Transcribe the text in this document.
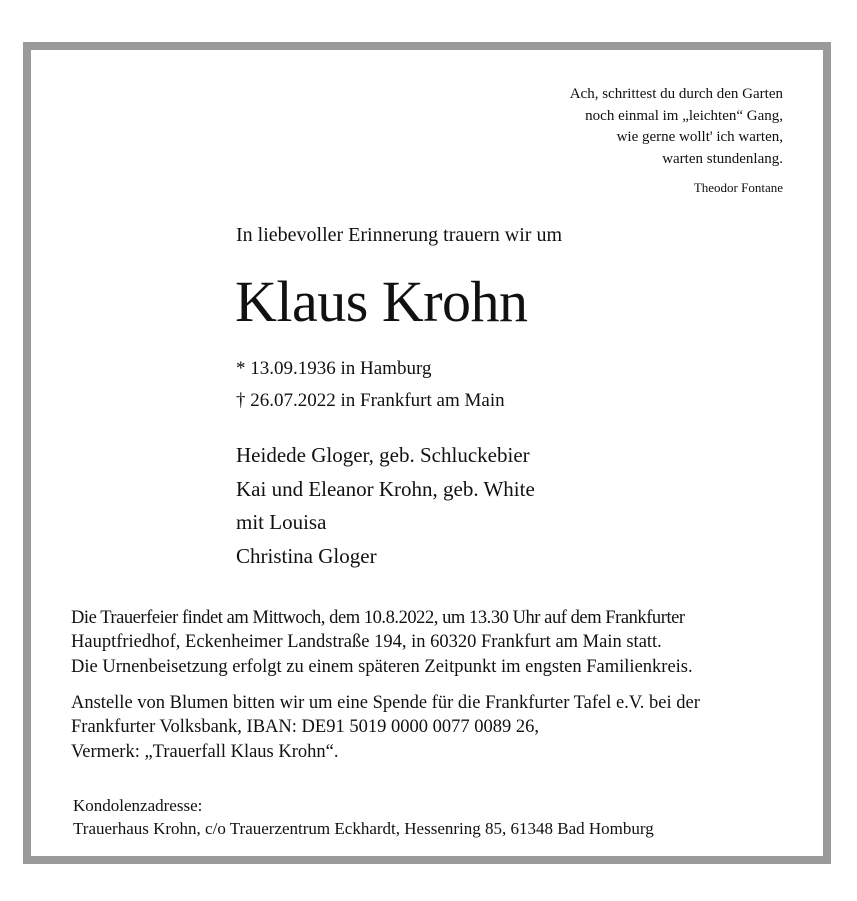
Ach, schrittest du durch den Garten
noch einmal im „leichten“ Gang,
wie gerne wollt' ich warten,
warten stundenlang.
Theodor Fontane
In liebevoller Erinnerung trauern wir um
Klaus Krohn
* 13.09.1936 in Hamburg
† 26.07.2022 in Frankfurt am Main
Heidede Gloger, geb. Schluckebier
Kai und Eleanor Krohn, geb. White
mit Louisa
Christina Gloger
Die Trauerfeier findet am Mittwoch, dem 10.8.2022, um 13.30 Uhr auf dem Frankfurter
Hauptfriedhof, Eckenheimer Landstraße 194, in 60320 Frankfurt am Main statt.
Die Urnenbeisetzung erfolgt zu einem späteren Zeitpunkt im engsten Familienkreis.
Anstelle von Blumen bitten wir um eine Spende für die Frankfurter Tafel e.V. bei der
Frankfurter Volksbank, IBAN: DE91 5019 0000 0077 0089 26,
Vermerk: „Trauerfall Klaus Krohn“.
Kondolenzadresse:
Trauerhaus Krohn, c/o Trauerzentrum Eckhardt, Hessenring 85, 61348 Bad Homburg
